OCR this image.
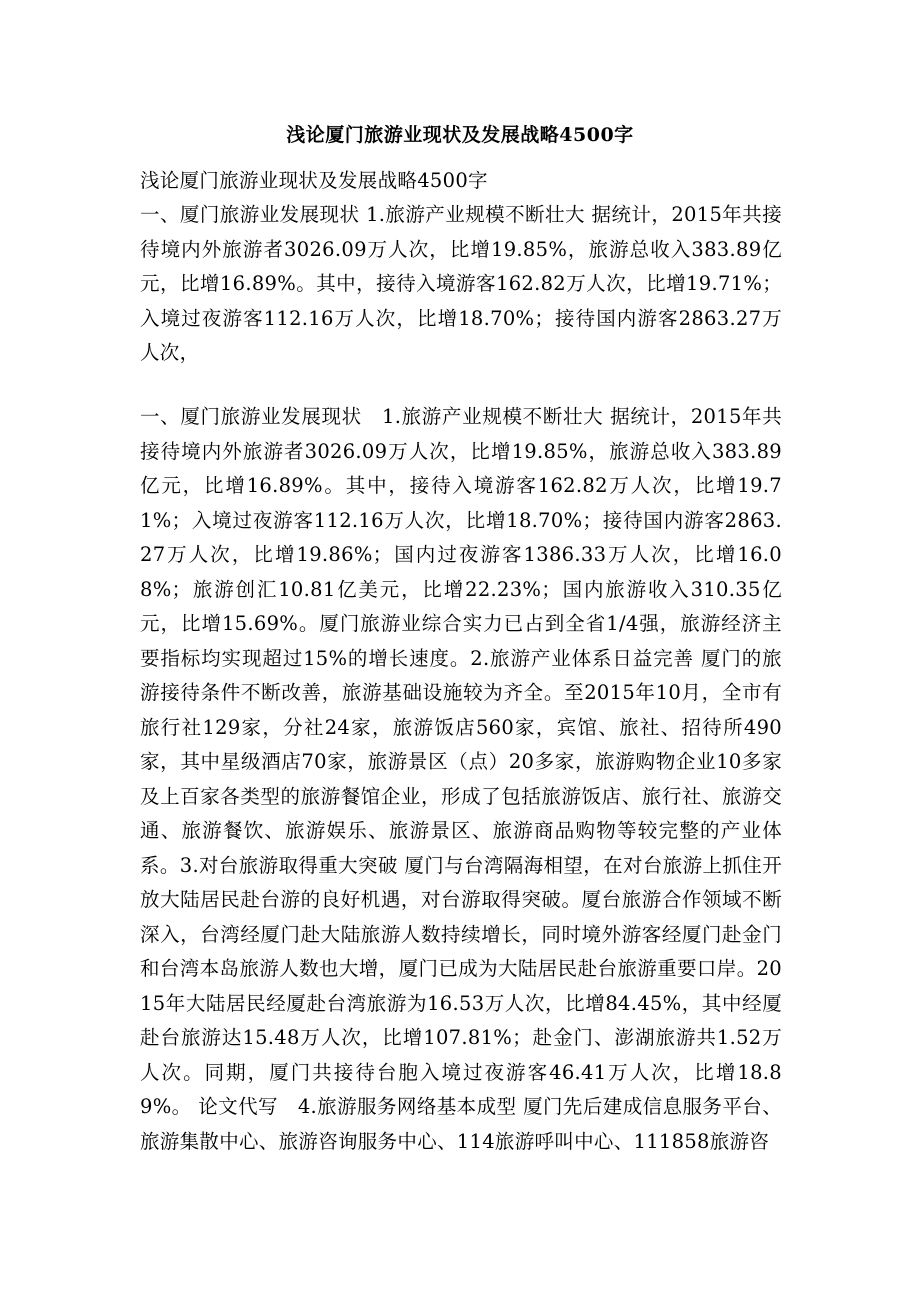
浅论厦门旅游业现状及发展战略4500字

浅论厦门旅游业现状及发展战略4500字

一、厦门旅游业发展现状 1.旅游产业规模不断壮大 据统计，2015年共接待境内外旅游者3026.09万人次，比增19.85%，旅游总收入383.89亿元，比增16.89%。其中，接待入境游客162.82万人次，比增19.71%；入境过夜游客112.16万人次，比增18.70%；接待国内游客2863.27万人次，

一、厦门旅游业发展现状　1.旅游产业规模不断壮大 据统计，2015年共接待境内外旅游者3026.09万人次，比增19.85%，旅游总收入383.89亿元，比增16.89%。其中，接待入境游客162.82万人次，比增19.71%；入境过夜游客112.16万人次，比增18.70%；接待国内游客2863.27万人次，比增19.86%；国内过夜游客1386.33万人次，比增16.08%；旅游创汇10.81亿美元，比增22.23%；国内旅游收入310.35亿元，比增15.69%。厦门旅游业综合实力已占到全省1/4强，旅游经济主要指标均实现超过15%的增长速度。2.旅游产业体系日益完善 厦门的旅游接待条件不断改善，旅游基础设施较为齐全。至2015年10月，全市有旅行社129家，分社24家，旅游饭店560家，宾馆、旅社、招待所490家，其中星级酒店70家，旅游景区（点）20多家，旅游购物企业10多家及上百家各类型的旅游餐馆企业，形成了包括旅游饭店、旅行社、旅游交通、旅游餐饮、旅游娱乐、旅游景区、旅游商品购物等较完整的产业体系。3.对台旅游取得重大突破 厦门与台湾隔海相望，在对台旅游上抓住开放大陆居民赴台游的良好机遇，对台游取得突破。厦台旅游合作领域不断深入，台湾经厦门赴大陆旅游人数持续增长，同时境外游客经厦门赴金门和台湾本岛旅游人数也大增，厦门已成为大陆居民赴台旅游重要口岸。2015年大陆居民经厦赴台湾旅游为16.53万人次，比增84.45%，其中经厦赴台旅游达15.48万人次，比增107.81%；赴金门、澎湖旅游共1.52万人次。同期，厦门共接待台胞入境过夜游客46.41万人次，比增18.89%。 论文代写　4.旅游服务网络基本成型 厦门先后建成信息服务平台、旅游集散中心、旅游咨询服务中心、114旅游呼叫中心、111858旅游咨
